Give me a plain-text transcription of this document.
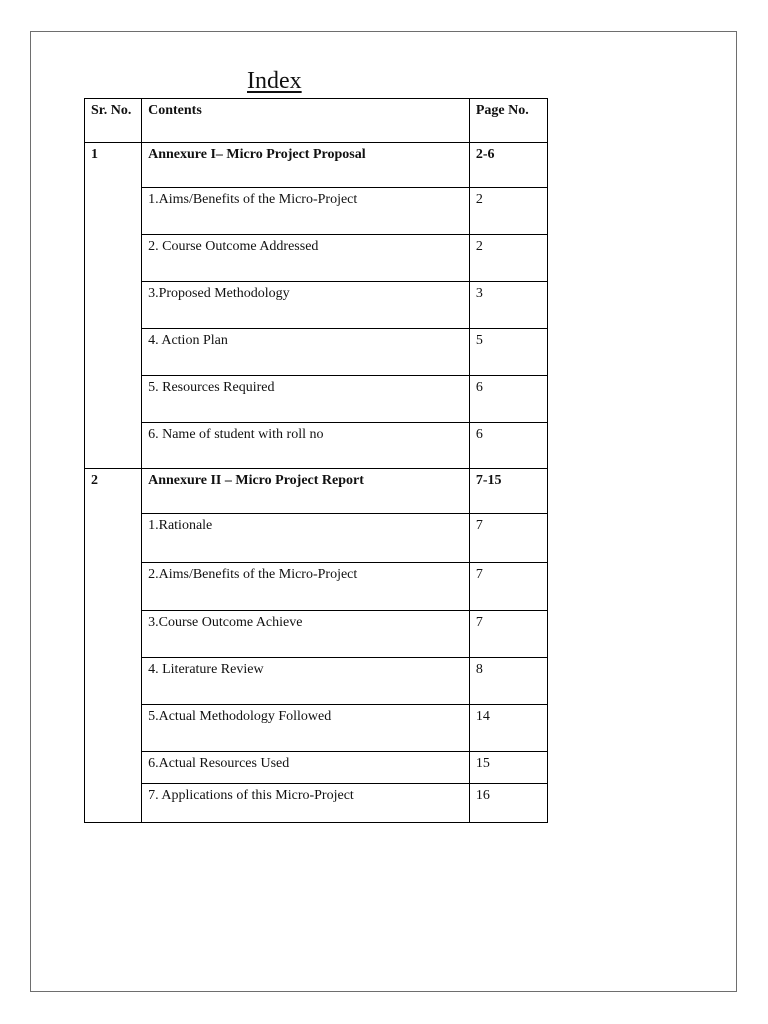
Index
Sr. No.	Contents	Page No.
1	Annexure I– Micro Project Proposal	2-6
	1.Aims/Benefits of the Micro-Project	2
	2. Course Outcome Addressed	2
	3.Proposed Methodology	3
	4. Action Plan	5
	5. Resources Required	6
	6. Name of student with roll no	6
2	Annexure II – Micro Project Report	7-15
	1.Rationale	7
	2.Aims/Benefits of the Micro-Project	7
	3.Course Outcome Achieve	7
	4. Literature Review	8
	5.Actual Methodology Followed	14
	6.Actual Resources Used	15
	7. Applications of this Micro-Project	16
